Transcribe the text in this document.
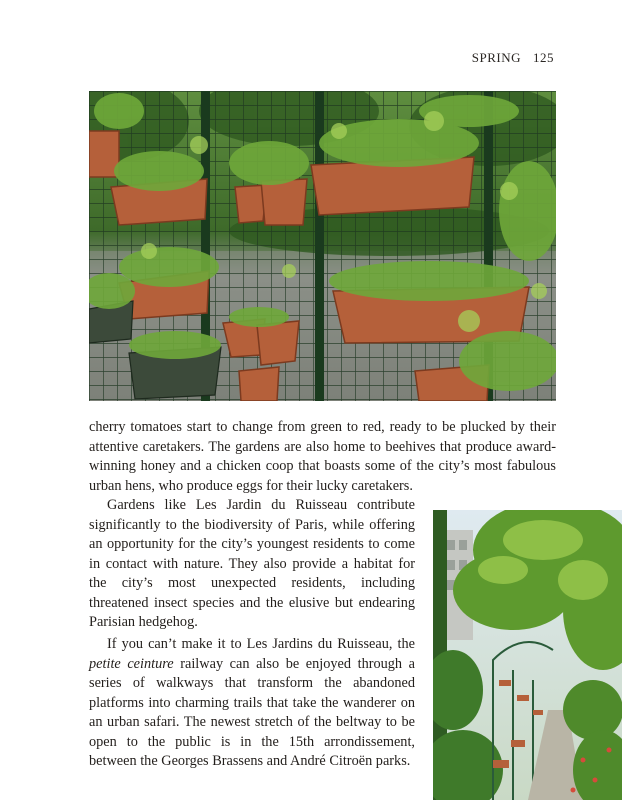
SPRING 125

cherry tomatoes start to change from green to red, ready to be plucked by their attentive caretakers. The gardens are also home to beehives that produce award-winning honey and a chicken coop that boasts some of the city’s most fabulous urban hens, who produce eggs for their lucky caretakers.

Gardens like Les Jardin du Ruisseau contribute significantly to the biodiversity of Paris, while offering an opportunity for the city’s youngest residents to come in contact with nature. They also provide a habitat for the city’s most unexpected residents, including threatened insect species and the elusive but endearing Parisian hedgehog.

If you can’t make it to Les Jardins du Ruisseau, the petite ceinture railway can also be enjoyed through a series of walkways that transform the abandoned platforms into charming trails that take the wanderer on an urban safari. The newest stretch of the beltway to be open to the public is in the 15th arrondissement, between the Georges Brassens and André Citroën parks.
